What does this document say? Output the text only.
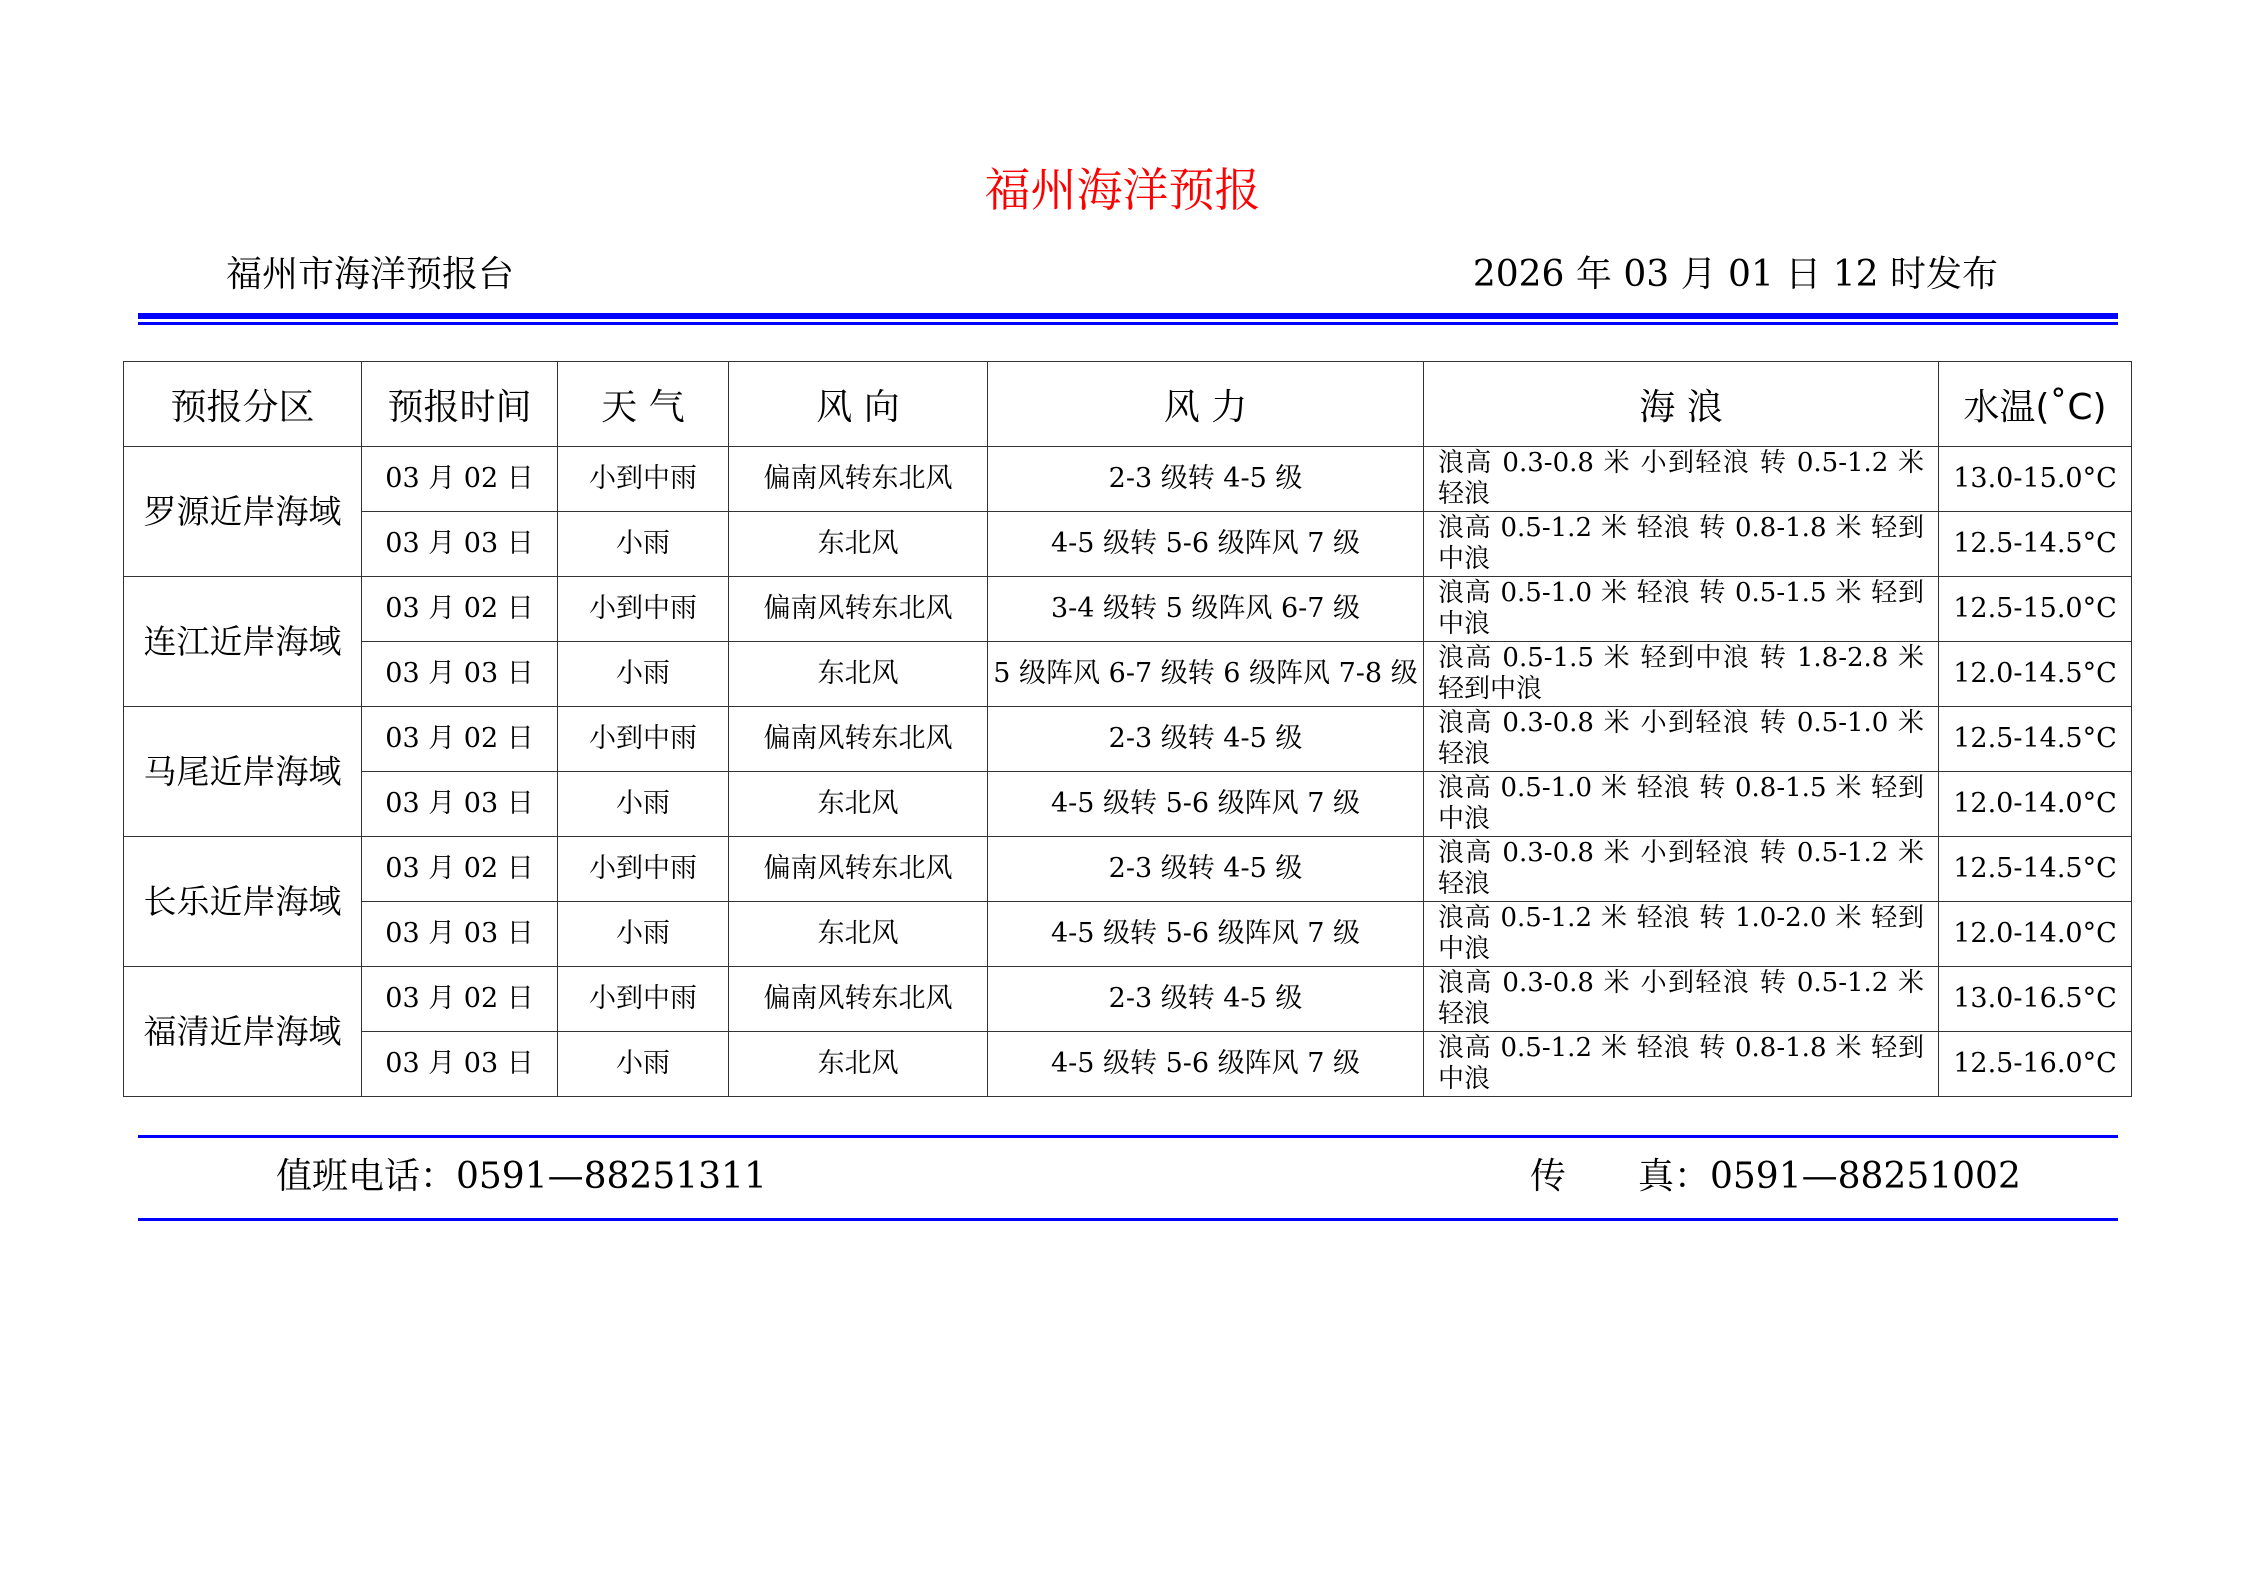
福州海洋预报
福州市海洋预报台	2026 年 03 月 01 日 12 时发布
预报分区	预报时间	天 气	风 向	风 力	海 浪	水温(˚C)
罗源近岸海域	03 月 02 日	小到中雨	偏南风转东北风	2-3 级转 4-5 级	浪高 0.3-0.8 米 小到轻浪 转 0.5-1.2 米 轻浪	13.0-15.0°C
	03 月 03 日	小雨	东北风	4-5 级转 5-6 级阵风 7 级	浪高 0.5-1.2 米 轻浪 转 0.8-1.8 米 轻到中浪	12.5-14.5°C
连江近岸海域	03 月 02 日	小到中雨	偏南风转东北风	3-4 级转 5 级阵风 6-7 级	浪高 0.5-1.0 米 轻浪 转 0.5-1.5 米 轻到中浪	12.5-15.0°C
	03 月 03 日	小雨	东北风	5 级阵风 6-7 级转 6 级阵风 7-8 级	浪高 0.5-1.5 米 轻到中浪 转 1.8-2.8 米 轻到中浪	12.0-14.5°C
马尾近岸海域	03 月 02 日	小到中雨	偏南风转东北风	2-3 级转 4-5 级	浪高 0.3-0.8 米 小到轻浪 转 0.5-1.0 米 轻浪	12.5-14.5°C
	03 月 03 日	小雨	东北风	4-5 级转 5-6 级阵风 7 级	浪高 0.5-1.0 米 轻浪 转 0.8-1.5 米 轻到中浪	12.0-14.0°C
长乐近岸海域	03 月 02 日	小到中雨	偏南风转东北风	2-3 级转 4-5 级	浪高 0.3-0.8 米 小到轻浪 转 0.5-1.2 米 轻浪	12.5-14.5°C
	03 月 03 日	小雨	东北风	4-5 级转 5-6 级阵风 7 级	浪高 0.5-1.2 米 轻浪 转 1.0-2.0 米 轻到中浪	12.0-14.0°C
福清近岸海域	03 月 02 日	小到中雨	偏南风转东北风	2-3 级转 4-5 级	浪高 0.3-0.8 米 小到轻浪 转 0.5-1.2 米 轻浪	13.0-16.5°C
	03 月 03 日	小雨	东北风	4-5 级转 5-6 级阵风 7 级	浪高 0.5-1.2 米 轻浪 转 0.8-1.8 米 轻到中浪	12.5-16.0°C
值班电话：0591—88251311	传　　真：0591—88251002
